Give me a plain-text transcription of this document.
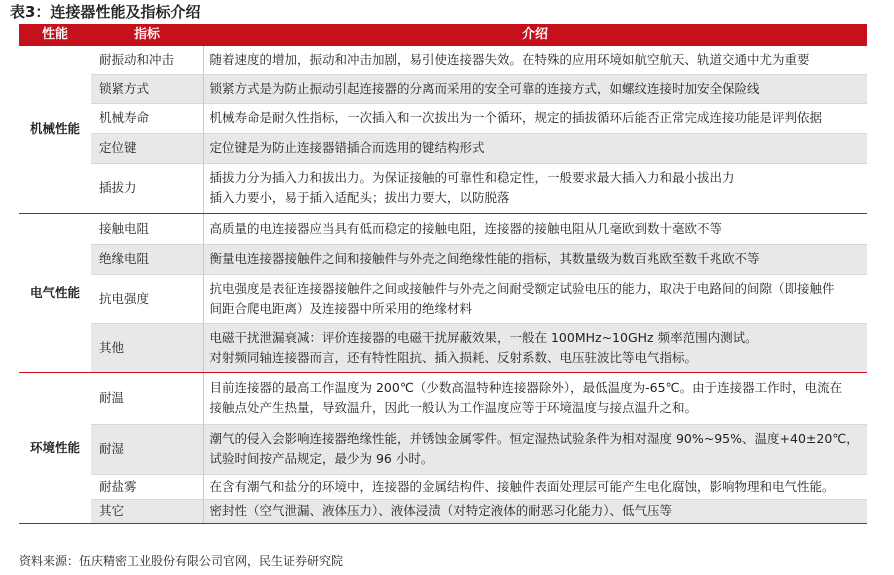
表3：连接器性能及指标介绍
性能	指标	介绍
机械性能	耐振动和冲击	随着速度的增加，振动和冲击加剧，易引使连接器失效。在特殊的应用环境如航空航天、轨道交通中尤为重要

	锁紧方式	锁紧方式是为防止振动引起连接器的分离而采用的安全可靠的连接方式，如螺纹连接时加安全保险线

	机械寿命	机械寿命是耐久性指标，一次插入和一次拔出为一个循环，规定的插拔循环后能否正常完成连接功能是评判依据

	定位键	定位键是为防止连接器错插合而选用的键结构形式

	插拔力	插拔力分为插入力和拔出力。为保证接触的可靠性和稳定性，一般要求最大插入力和最小拔出力
插入力要小，易于插入适配头；拔出力要大，以防脱落

电气性能	接触电阻	高质量的电连接器应当具有低而稳定的接触电阻，连接器的接触电阻从几毫欧到数十毫欧不等

	绝缘电阻	衡量电连接器接触件之间和接触件与外壳之间绝缘性能的指标，其数量级为数百兆欧至数千兆欧不等

	抗电强度	抗电强度是表征连接器接触件之间或接触件与外壳之间耐受额定试验电压的能力，取决于电路间的间隙（即接触件
间距合爬电距离）及连接器中所采用的绝缘材料

	其他	电磁干扰泄漏衰减：评价连接器的电磁干扰屏蔽效果，一般在 100MHz~10GHz 频率范围内测试。
对射频同轴连接器而言，还有特性阻抗、插入损耗、反射系数、电压驻波比等电气指标。

环境性能	耐温	目前连接器的最高工作温度为 200℃（少数高温特种连接器除外），最低温度为-65℃。由于连接器工作时，电流在
接触点处产生热量，导致温升，因此一般认为工作温度应等于环境温度与接点温升之和。

	耐湿	潮气的侵入会影响连接器绝缘性能，并锈蚀金属零件。恒定湿热试验条件为相对湿度 90%~95%、温度+40±20℃，
试验时间按产品规定，最少为 96 小时。

	耐盐雾	在含有潮气和盐分的环境中，连接器的金属结构件、接触件表面处理层可能产生电化腐蚀，影响物理和电气性能。

	其它	密封性（空气泄漏、液体压力）、液体浸渍（对特定液体的耐恶习化能力）、低气压等
资料来源：伍庆精密工业股份有限公司官网，民生证券研究院
